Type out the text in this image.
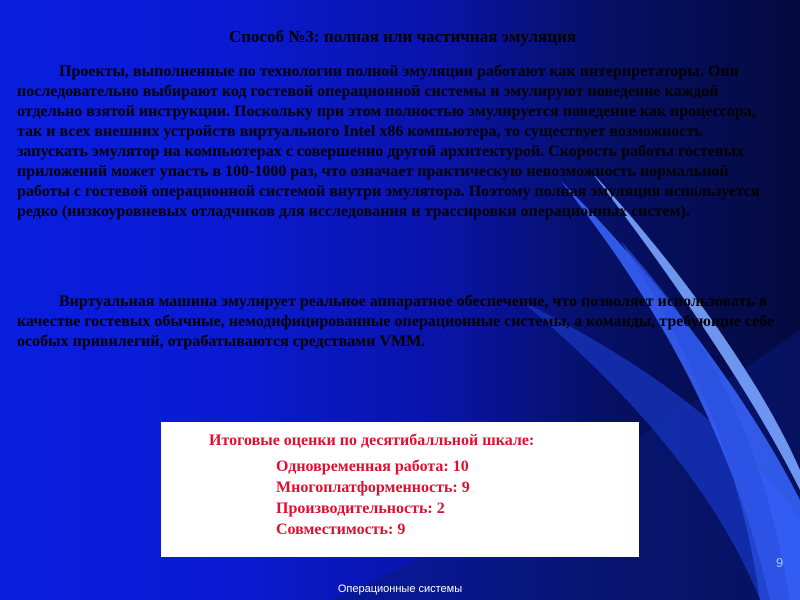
Способ №3: полная или частичная эмуляция

Проекты, выполненные по технологии полной эмуляции работают как интерпретаторы. Они последовательно выбирают код гостевой операционной системы и эмулируют поведение каждой отдельно взятой инструкции. Поскольку при этом полностью эмулируется поведение как процессора, так и всех внешних устройств виртуального Intel x86 компьютера, то существует возможность запускать эмулятор на компьютерах с совершенно другой архитектурой. Скорость работы гостевых приложений может упасть в 100-1000 раз, что означает практическую невозможность нормальной работы с гостевой операционной системой внутри эмулятора. Поэтому полная эмуляция используется редко (низкоуровневых отладчиков для исследования и трассировки операционных систем).

Виртуальная машина эмулирует реальное аппаратное обеспечение, что позволяет использовать в качестве гостевых обычные, немодифицированные операционные системы, а команды, требующие себе особых привилегий, отрабатываются средствами VMM.

Итоговые оценки по десятибалльной шкале:
Одновременная работа: 10
Многоплатформенность: 9
Производительность: 2
Совместимость: 9
9
Операционные системы
